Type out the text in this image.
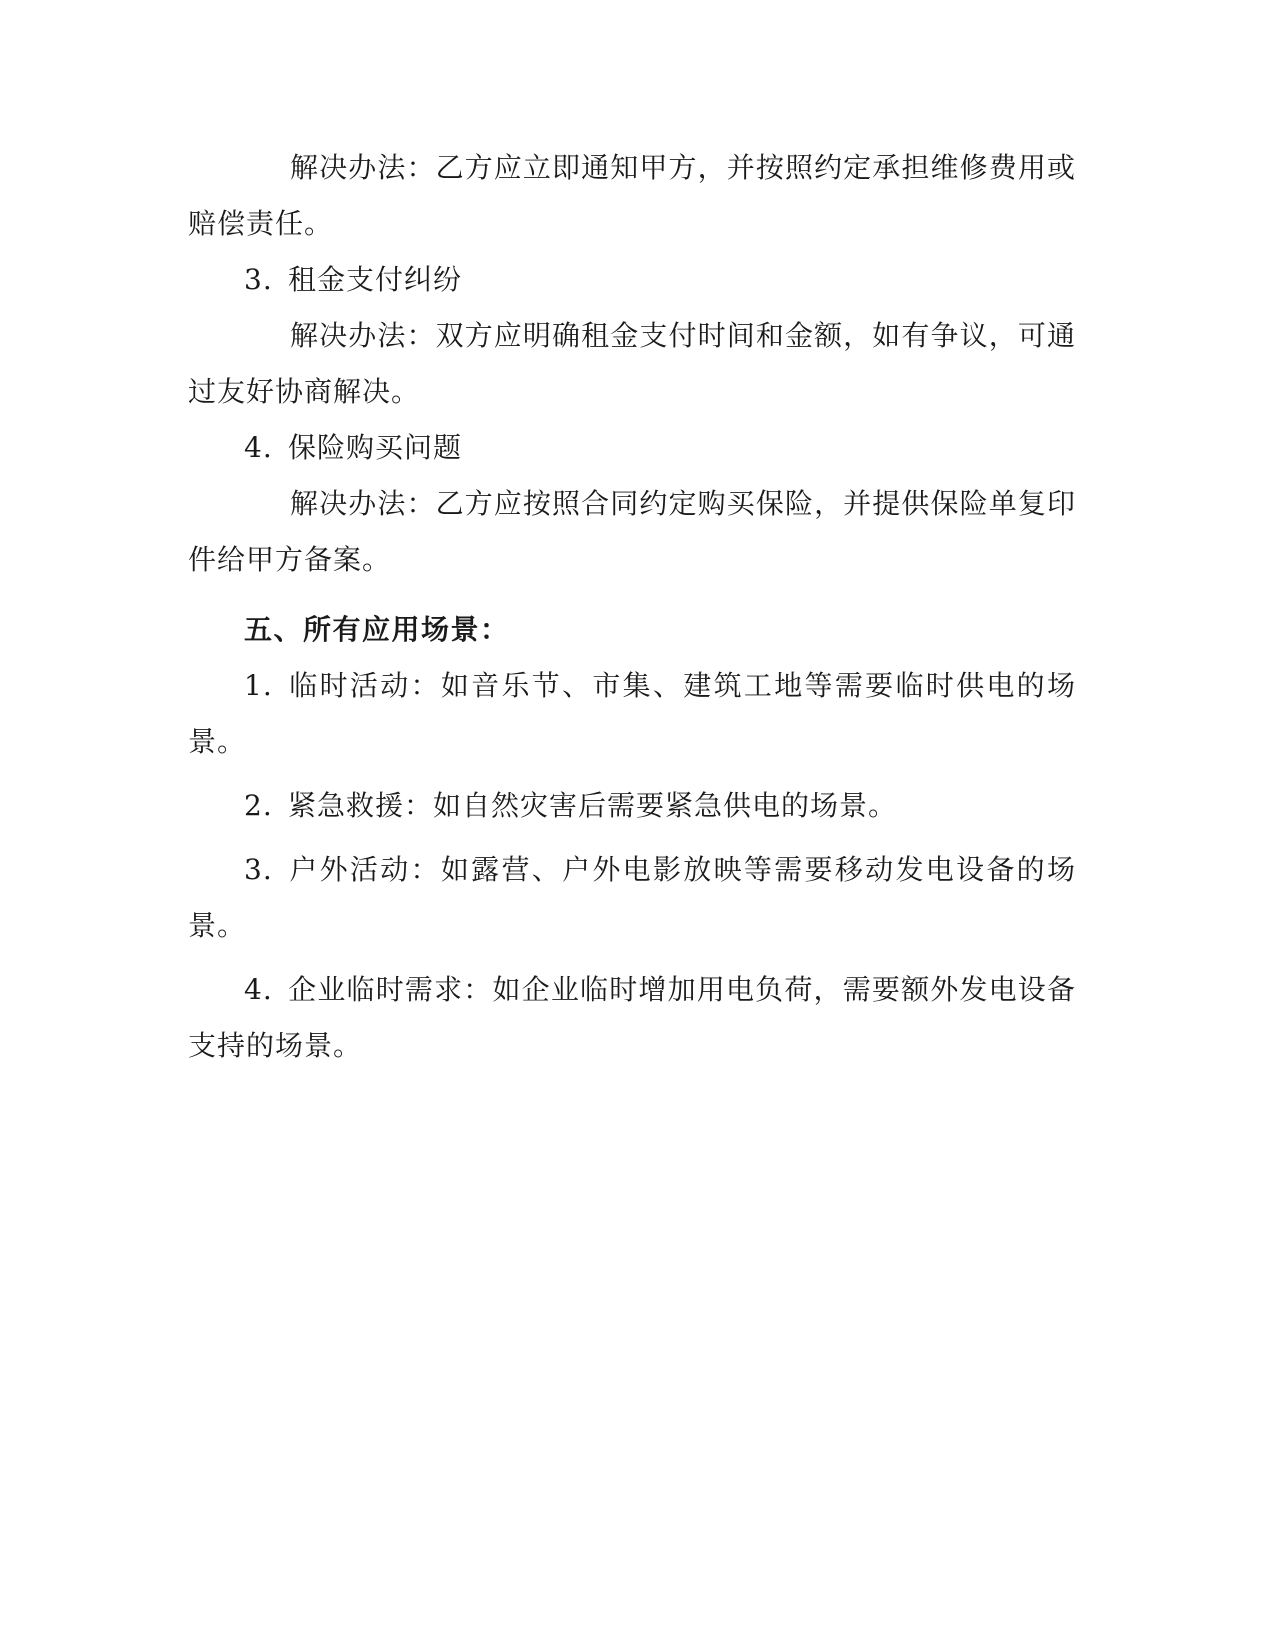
解决办法：乙方应立即通知甲方，并按照约定承担维修费用或赔偿责任。

3. 租金支付纠纷

解决办法：双方应明确租金支付时间和金额，如有争议，可通过友好协商解决。

4. 保险购买问题

解决办法：乙方应按照合同约定购买保险，并提供保险单复印件给甲方备案。

五、所有应用场景：

1. 临时活动：如音乐节、市集、建筑工地等需要临时供电的场景。

2. 紧急救援：如自然灾害后需要紧急供电的场景。

3. 户外活动：如露营、户外电影放映等需要移动发电设备的场景。

4. 企业临时需求：如企业临时增加用电负荷，需要额外发电设备支持的场景。
